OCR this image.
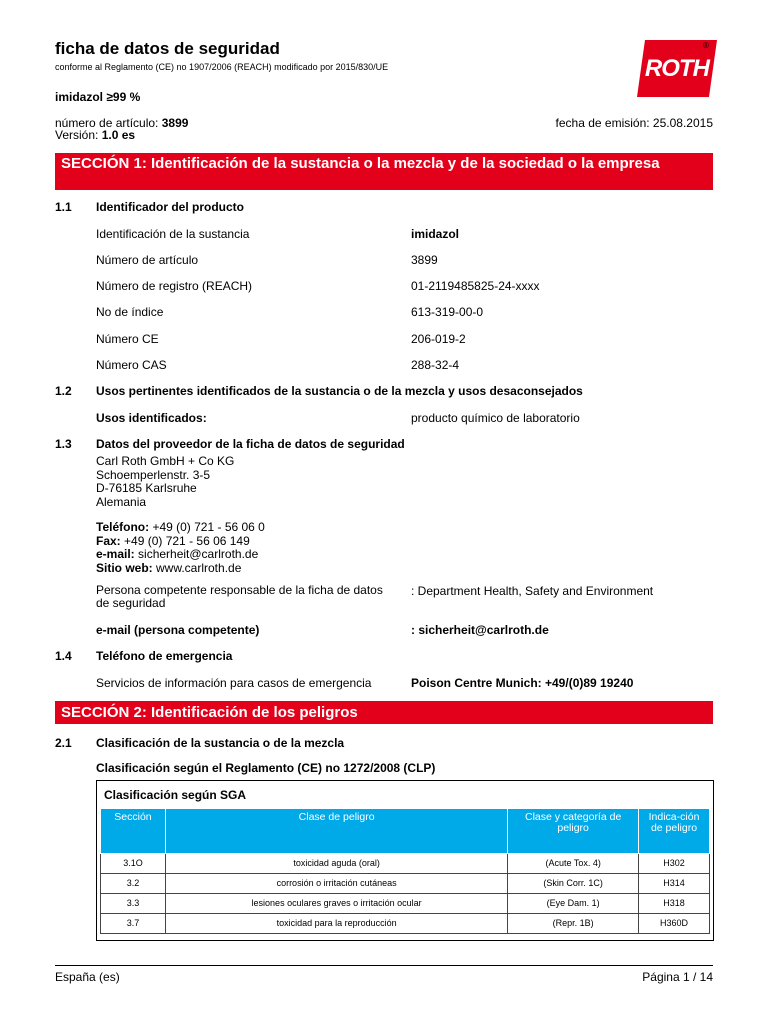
ficha de datos de seguridad
conforme al Reglamento (CE) no 1907/2006 (REACH) modificado por 2015/830/UE	ROTH
®
imidazol ≥99 %
número de artículo: 3899
Versión: 1.0 es
fecha de emisión: 25.08.2015
SECCIÓN 1: Identificación de la sustancia o la mezcla y de la sociedad o la empresa
1.1 Identificador del producto
Identificación de la sustancia	imidazol
Número de artículo	3899
Número de registro (REACH)	01-2119485825-24-xxxx
No de índice	613-319-00-0
Número CE	206-019-2
Número CAS	288-32-4
1.2 Usos pertinentes identificados de la sustancia o de la mezcla y usos desaconsejados
Usos identificados:	producto químico de laboratorio
1.3 Datos del proveedor de la ficha de datos de seguridad
Carl Roth GmbH + Co KG
Schoemperlenstr. 3-5
D-76185 Karlsruhe
Alemania
Teléfono: +49 (0) 721 - 56 06 0
Fax: +49 (0) 721 - 56 06 149
e-mail: sicherheit@carlroth.de
Sitio web: www.carlroth.de
Persona competente responsable de la ficha de datos
de seguridad
: Department Health, Safety and Environment
e-mail (persona competente)	: sicherheit@carlroth.de
1.4 Teléfono de emergencia
Servicios de información para casos de emergencia	Poison Centre Munich: +49/(0)89 19240
SECCIÓN 2: Identificación de los peligros
2.1 Clasificación de la sustancia o de la mezcla
Clasificación según el Reglamento (CE) no 1272/2008 (CLP)
Clasificación según SGA
Sección	Clase de peligro	Clase y categoría de peligro	Indica-ción de peligro
3.1O	toxicidad aguda (oral)	(Acute Tox. 4)	H302
3.2	corrosión o irritación cutáneas	(Skin Corr. 1C)	H314
3.3	lesiones oculares graves o irritación ocular	(Eye Dam. 1)	H318
3.7	toxicidad para la reproducción	(Repr. 1B)	H360D
España (es)	Página 1 / 14
